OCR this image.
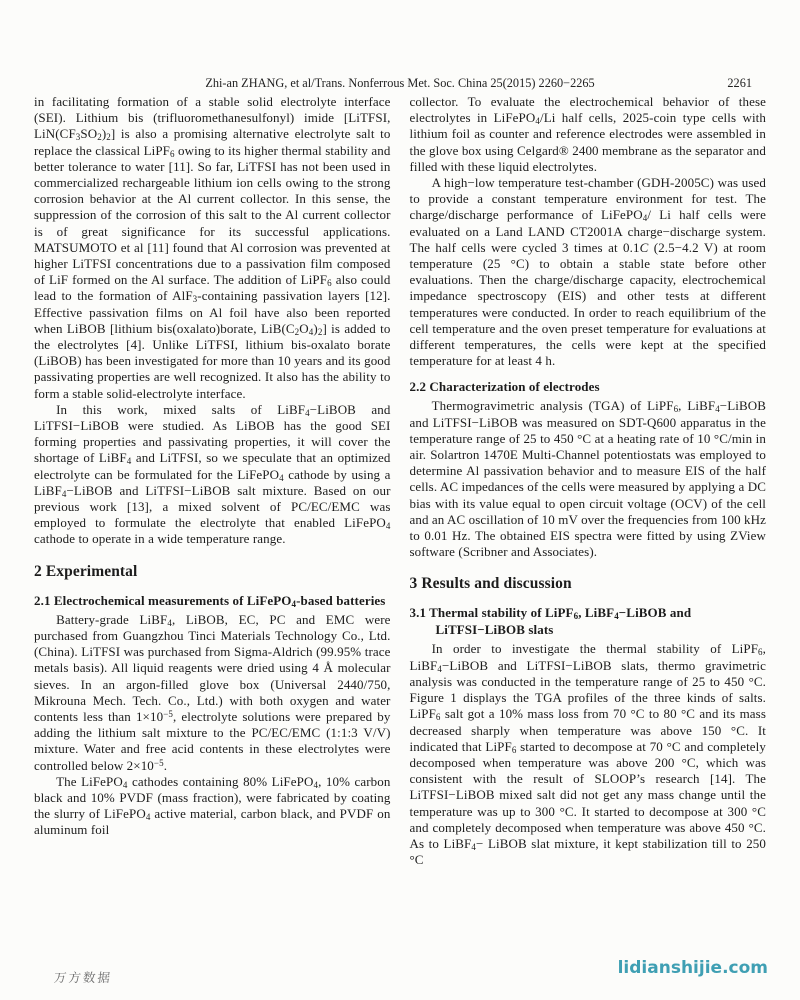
Zhi-an ZHANG, et al/Trans. Nonferrous Met. Soc. China 25(2015) 2260−2265	2261

in facilitating formation of a stable solid electrolyte interface (SEI). Lithium bis (trifluoromethanesulfonyl) imide [LiTFSI, $LiN(CF_3SO_2)_2$] is also a promising alternative electrolyte salt to replace the classical LiPF$_6$ owing to its higher thermal stability and better tolerance to water [11]. So far, LiTFSI has not been used in commercialized rechargeable lithium ion cells owing to the strong corrosion behavior at the Al current collector. In this sense, the suppression of the corrosion of this salt to the Al current collector is of great significance for its successful applications. MATSUMOTO et al [11] found that Al corrosion was prevented at higher LiTFSI concentrations due to a passivation film composed of LiF formed on the Al surface. The addition of LiPF$_6$ also could lead to the formation of AlF$_3$-containing passivation layers [12]. Effective passivation films on Al foil have also been reported when LiBOB [lithium bis(oxalato)borate, $LiB(C_2O_4)_2$] is added to the electrolytes [4]. Unlike LiTFSI, lithium bis-oxalato borate (LiBOB) has been investigated for more than 10 years and its good passivating properties are well recognized. It also has the ability to form a stable solid-electrolyte interface.

In this work, mixed salts of LiBF$_4$−LiBOB and LiTFSI−LiBOB were studied. As LiBOB has the good SEI forming properties and passivating properties, it will cover the shortage of LiBF$_4$ and LiTFSI, so we speculate that an optimized electrolyte can be formulated for the LiFePO$_4$ cathode by using a LiBF$_4$−LiBOB and LiTFSI−LiBOB salt mixture. Based on our previous work [13], a mixed solvent of PC/EC/EMC was employed to formulate the electrolyte that enabled LiFePO$_4$ cathode to operate in a wide temperature range.

2 Experimental
2.1 Electrochemical measurements of LiFePO$_4$-based batteries

Battery-grade LiBF$_4$, LiBOB, EC, PC and EMC were purchased from Guangzhou Tinci Materials Technology Co., Ltd. (China). LiTFSI was purchased from Sigma-Aldrich (99.95% trace metals basis). All liquid reagents were dried using 4 Å molecular sieves. In an argon-filled glove box (Universal 2440/750, Mikrouna Mech. Tech. Co., Ltd.) with both oxygen and water contents less than $1\times 10^{-5}$, electrolyte solutions were prepared by adding the lithium salt mixture to the PC/EC/EMC (1:1:3 V/V) mixture. Water and free acid contents in these electrolytes were controlled below $2\times 10^{-5}$.

The LiFePO$_4$ cathodes containing 80% LiFePO$_4$, 10% carbon black and 10% PVDF (mass fraction), were fabricated by coating the slurry of LiFePO$_4$ active material, carbon black, and PVDF on aluminum foil

collector. To evaluate the electrochemical behavior of these electrolytes in LiFePO$_4$/Li half cells, 2025-coin type cells with lithium foil as counter and reference electrodes were assembled in the glove box using Celgard® 2400 membrane as the separator and filled with these liquid electrolytes.

A high−low temperature test-chamber (GDH-2005C) was used to provide a constant temperature environment for test. The charge/discharge performance of LiFePO$_4$/ Li half cells were evaluated on a Land LAND CT2001A charge−discharge system. The half cells were cycled 3 times at 0.1C (2.5−4.2 V) at room temperature (25 °C) to obtain a stable state before other evaluations. Then the charge/discharge capacity, electrochemical impedance spectroscopy (EIS) and other tests at different temperatures were conducted. In order to reach equilibrium of the cell temperature and the oven preset temperature for evaluations at different temperatures, the cells were kept at the specified temperature for at least 4 h.

2.2 Characterization of electrodes

Thermogravimetric analysis (TGA) of LiPF$_6$, LiBF$_4$−LiBOB and LiTFSI−LiBOB was measured on SDT-Q600 apparatus in the temperature range of 25 to 450 °C at a heating rate of 10 °C/min in air. Solartron 1470E Multi-Channel potentiostats was employed to determine Al passivation behavior and to measure EIS of the half cells. AC impedances of the cells were measured by applying a DC bias with its value equal to open circuit voltage (OCV) of the cell and an AC oscillation of 10 mV over the frequencies from 100 kHz to 0.01 Hz. The obtained EIS spectra were fitted by using ZView software (Scribner and Associates).

3 Results and discussion
3.1 Thermal stability of LiPF$_6$, LiBF$_4$−LiBOB and LiTFSI−LiBOB slats

In order to investigate the thermal stability of LiPF$_6$, LiBF$_4$−LiBOB and LiTFSI−LiBOB slats, thermo gravimetric analysis was conducted in the temperature range of 25 to 450 °C. Figure 1 displays the TGA profiles of the three kinds of salts. LiPF$_6$ salt got a 10% mass loss from 70 °C to 80 °C and its mass decreased sharply when temperature was above 150 °C. It indicated that LiPF$_6$ started to decompose at 70 °C and completely decomposed when temperature was above 200 °C, which was consistent with the result of SLOOP’s research [14]. The LiTFSI−LiBOB mixed salt did not get any mass change until the temperature was up to 300 °C. It started to decompose at 300 °C and completely decomposed when temperature was above 450 °C. As to LiBF$_4$− LiBOB slat mixture, it kept stabilization till to 250 °C

万方数据	lidianshijie.com
